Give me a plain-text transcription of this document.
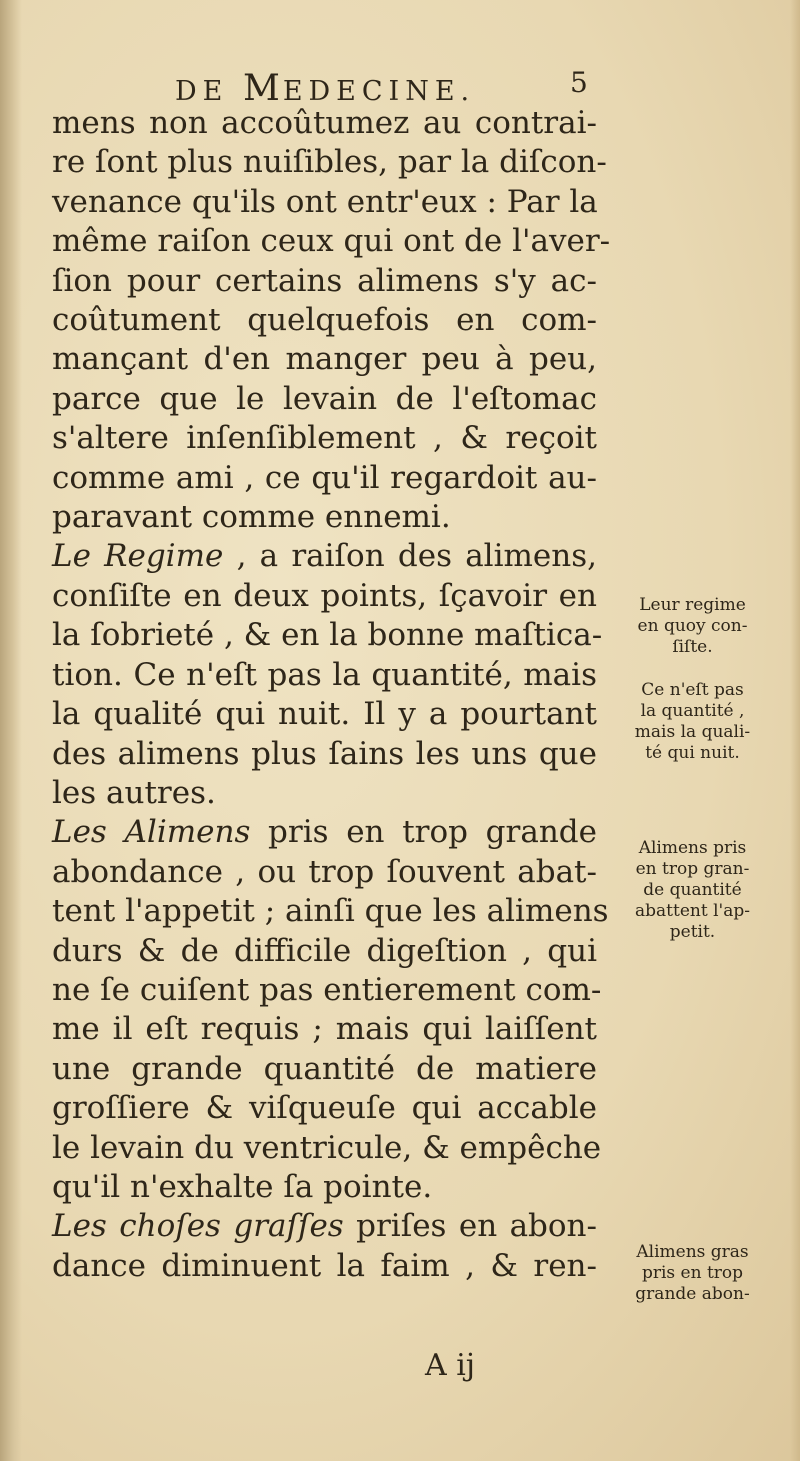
DE MEDECINE.	5
mens non accoûtumez au contrai-
re ſont plus nuiſibles, par la diſcon-
venance qu'ils ont entr'eux : Par la
même raiſon ceux qui ont de l'aver-
ſion pour certains alimens s'y ac-
coûtument quelquefois en com-
mançant d'en manger peu à peu,
parce que le levain de l'eſtomac
s'altere inſenſiblement , & reçoit
comme ami , ce qu'il regardoit au-
paravant comme ennemi.
Le Regime , a raiſon des alimens,
conſiſte en deux points, ſçavoir en
la ſobrieté , & en la bonne maſtica-
tion. Ce n'eſt pas la quantité, mais
la qualité qui nuit. Il y a pourtant
des alimens plus ſains les uns que
les autres.
Les Alimens pris en trop grande
abondance , ou trop ſouvent abat-
tent l'appetit ; ainſi que les alimens
durs & de difficile digeſtion , qui
ne ſe cuiſent pas entierement com-
me il eſt requis ; mais qui laiſſent
une grande quantité de matiere
groſſiere & viſqueuſe qui accable
le levain du ventricule, & empêche
qu'il n'exhalte ſa pointe.
Les choſes graſſes priſes en abon-
dance diminuent la faim , & ren-
Leur regime
en quoy con-
ſiſte.
Ce n'eſt pas
la quantité ,
mais la quali-
té qui nuit.
Alimens pris
en trop gran-
de quantité
abattent l'ap-
petit.
Alimens gras
pris en trop
grande abon-
A ij
